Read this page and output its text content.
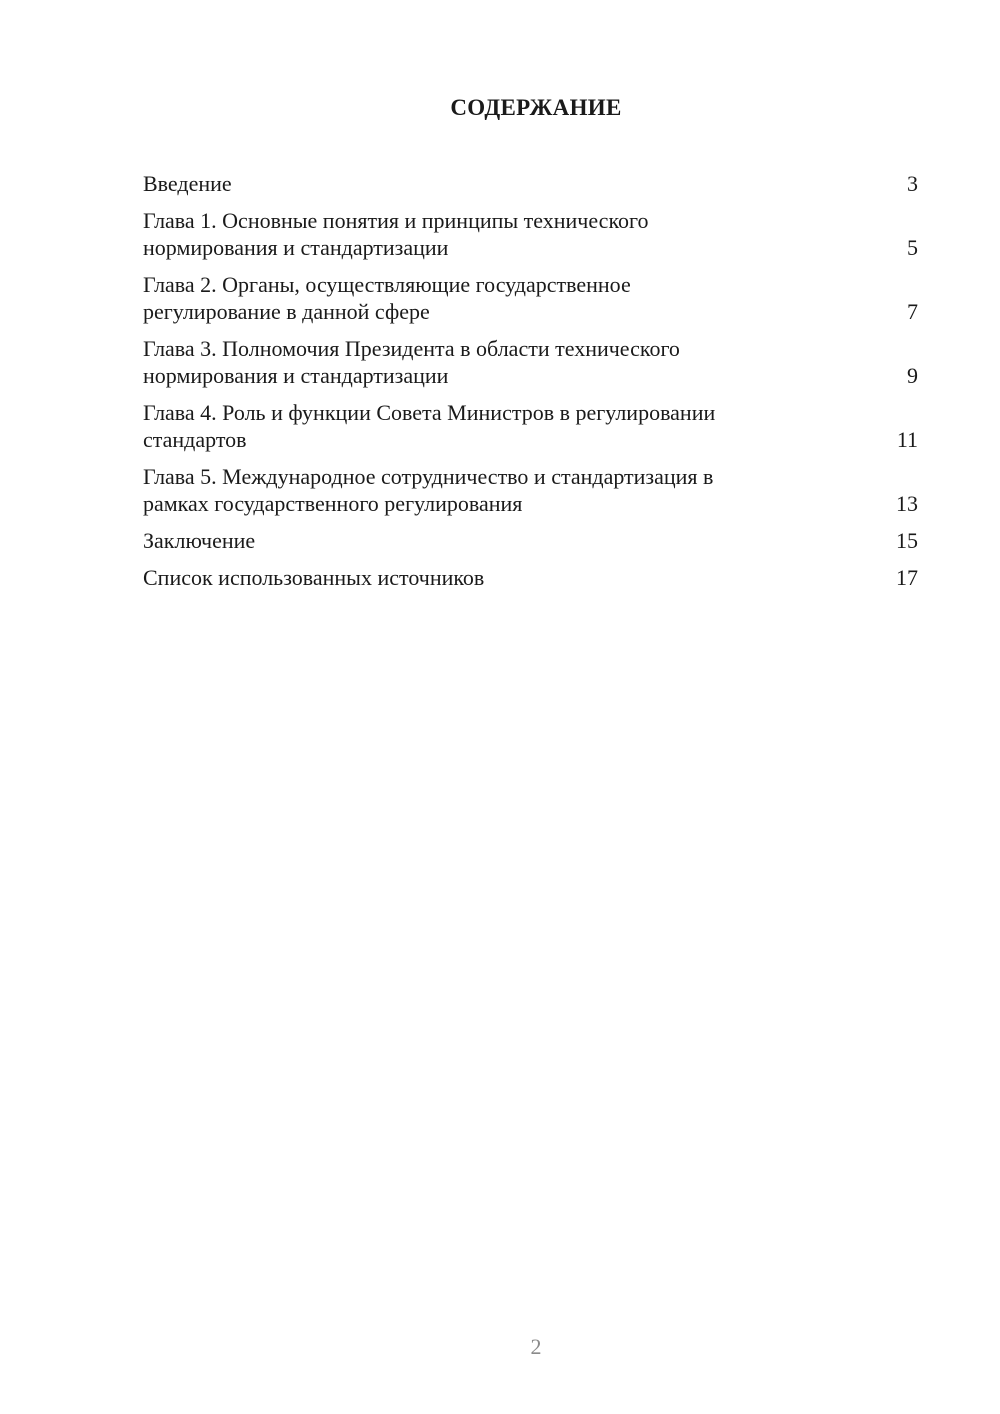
СОДЕРЖАНИЕ
Введение	3
Глава 1. Основные понятия и принципы технического
нормирования и стандартизации	5
Глава 2. Органы, осуществляющие государственное
регулирование в данной сфере	7
Глава 3. Полномочия Президента в области технического
нормирования и стандартизации	9
Глава 4. Роль и функции Совета Министров в регулировании
стандартов	11
Глава 5. Международное сотрудничество и стандартизация в
рамках государственного регулирования	13
Заключение	15
Список использованных источников	17
2
